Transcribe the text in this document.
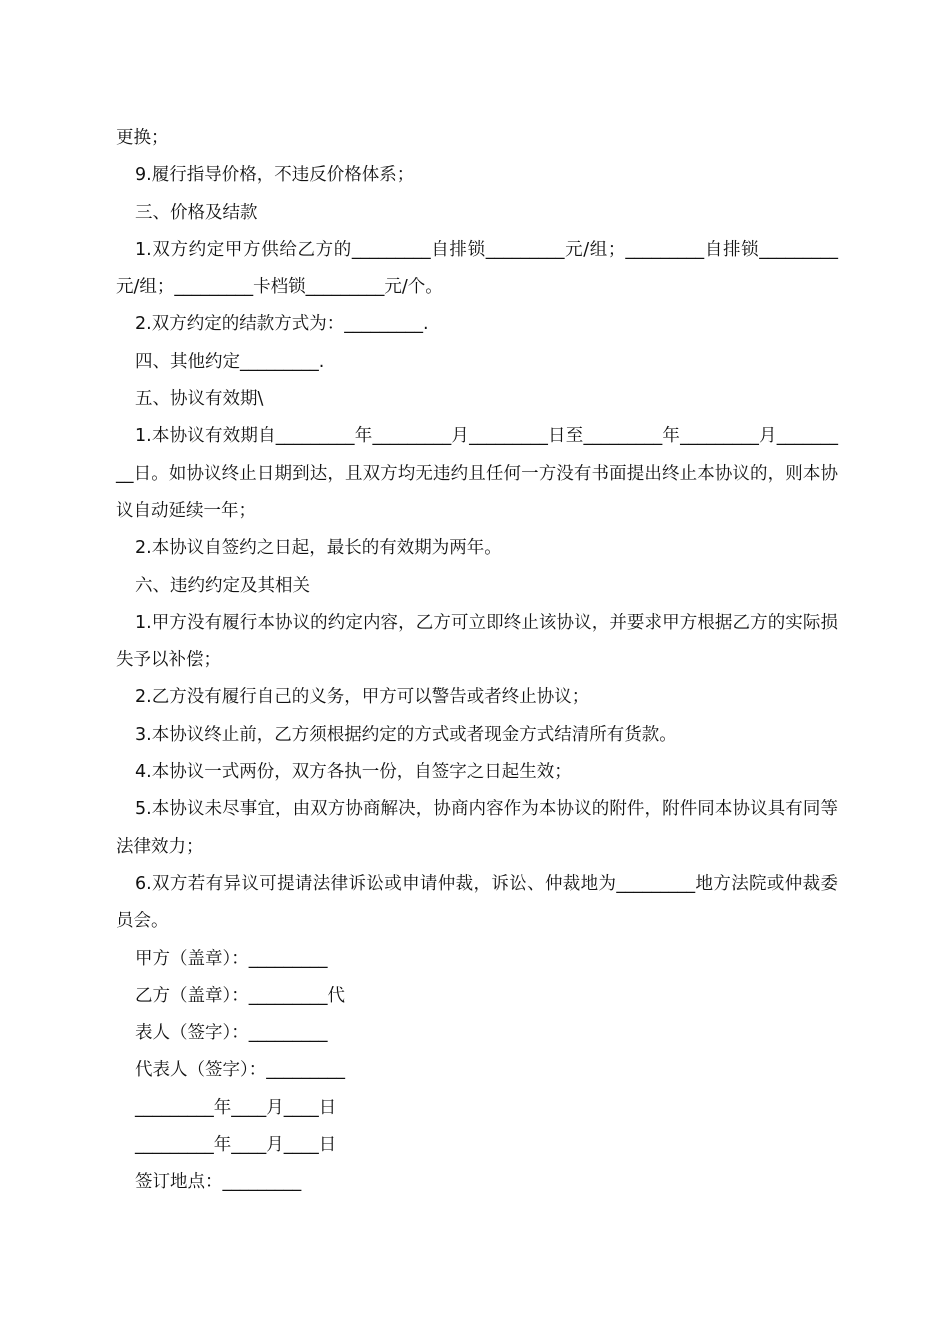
更换；

9.履行指导价格，不违反价格体系；

三、价格及结款

1.双方约定甲方供给乙方的_________自排锁_________元/组；_________自排锁_________元/组；_________卡档锁_________元/个。

2.双方约定的结款方式为：_________.

四、其他约定_________.

五、协议有效期\

1.本协议有效期自_________年_________月_________日至_________年_________月_________日。如协议终止日期到达，且双方均无违约且任何一方没有书面提出终止本协议的，则本协议自动延续一年；

2.本协议自签约之日起，最长的有效期为两年。

六、违约约定及其相关

1.甲方没有履行本协议的约定内容，乙方可立即终止该协议，并要求甲方根据乙方的实际损失予以补偿；

2.乙方没有履行自己的义务，甲方可以警告或者终止协议；

3.本协议终止前，乙方须根据约定的方式或者现金方式结清所有货款。

4.本协议一式两份，双方各执一份，自签字之日起生效；

5.本协议未尽事宜，由双方协商解决，协商内容作为本协议的附件，附件同本协议具有同等法律效力；

6.双方若有异议可提请法律诉讼或申请仲裁，诉讼、仲裁地为_________地方法院或仲裁委员会。

甲方（盖章）：_________

乙方（盖章）：_________代

表人（签字）：_________

代表人（签字）：_________

_________年____月____日

_________年____月____日

签订地点：_________
